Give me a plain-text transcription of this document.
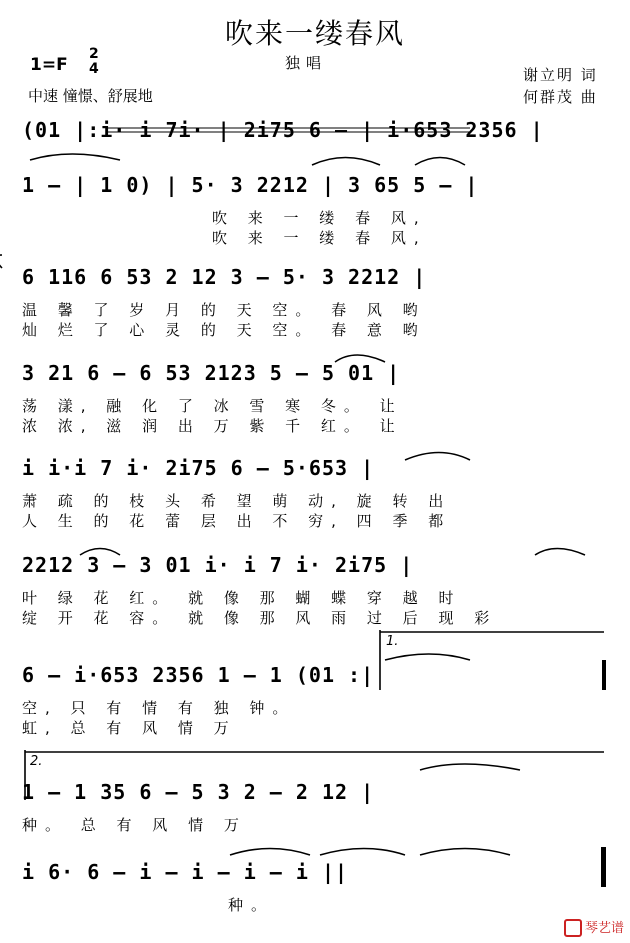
吹来一缕春风
1=F
2
4	独唱
中速 憧憬、舒展地
谢立明 词
何群茂 曲
(01 |:i· i 7i· | 2i75 6 – | i·653 2356 |
1 – | 1 0) | 5· 3 2212 | 3 65 5 – |
吹 来 一 缕 春 风,
吹 来 一 缕 春 风,
6 116 6 53 2 12 3 – 5· 3 2212 |
温 馨 了 岁 月 的 天 空。 春 风 哟
灿 烂 了 心 灵 的 天 空。 春 意 哟
3 21 6 – 6 53 2123 5 – 5 01 |
荡 漾, 融 化 了 冰 雪 寒 冬。 让
浓 浓, 滋 润 出 万 紫 千 红。 让
i i·i 7 i· 2i75 6 – 5·653 |
萧 疏 的 枝 头 希 望 萌 动, 旋 转 出
人 生 的 花 蕾 层 出 不 穷, 四 季 都
2212 3 – 3 01 i· i 7 i· 2i75 |
叶 绿 花 红。 就 像 那 蝴 蝶 穿 越 时
绽 开 花 容。 就 像 那 风 雨 过 后 现 彩
1.
6 – i·653 2356 1 – 1 (01 :|
空, 只 有 情 有 独 钟。
虹, 总 有 风 情 万
2.
1 – 1 35 6 – 5 3 2 – 2 12 |
种。 总 有 风 情 万
i 6· 6 – i – i – i – i ||
种。
琴艺谱
